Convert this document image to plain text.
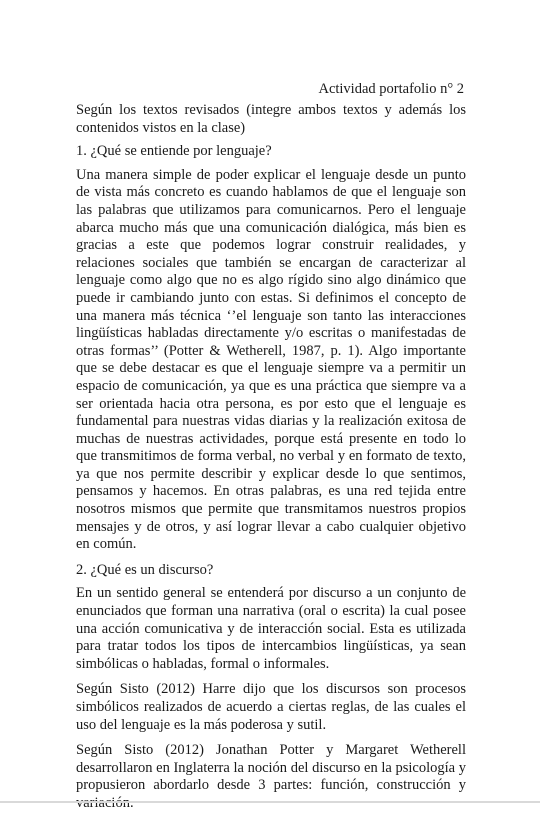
Actividad portafolio n° 2

Según los textos revisados (integre ambos textos y además los contenidos vistos en la clase)

1. ¿Qué se entiende por lenguaje?

Una manera simple de poder explicar el lenguaje desde un punto de vista más concreto es cuando hablamos de que el lenguaje son las palabras que utilizamos para comunicarnos. Pero el lenguaje abarca mucho más que una comunicación dialógica, más bien es gracias a este que podemos lograr construir realidades, y relaciones sociales que también se encargan de caracterizar al lenguaje como algo que no es algo rígido sino algo dinámico que puede ir cambiando junto con estas. Si definimos el concepto de una manera más técnica ‘’el lenguaje son tanto las interacciones lingüísticas habladas directamente y/o escritas o manifestadas de otras formas’’ (Potter & Wetherell, 1987, p. 1). Algo importante que se debe destacar es que el lenguaje siempre va a permitir un espacio de comunicación, ya que es una práctica que siempre va a ser orientada hacia otra persona, es por esto que el lenguaje es fundamental para nuestras vidas diarias y la realización exitosa de muchas de nuestras actividades, porque está presente en todo lo que transmitimos de forma verbal, no verbal y en formato de texto, ya que nos permite describir y explicar desde lo que sentimos, pensamos y hacemos. En otras palabras, es una red tejida entre nosotros mismos que permite que transmitamos nuestros propios mensajes y de otros, y así lograr llevar a cabo cualquier objetivo en común.

2. ¿Qué es un discurso?

En un sentido general se entenderá por discurso a un conjunto de enunciados que forman una narrativa (oral o escrita) la cual posee una acción comunicativa y de interacción social. Esta es utilizada para tratar todos los tipos de intercambios lingüísticas, ya sean simbólicas o habladas, formal o informales.

Según Sisto (2012) Harre dijo que los discursos son procesos simbólicos realizados de acuerdo a ciertas reglas, de las cuales el uso del lenguaje es la más poderosa y sutil.

Según Sisto (2012) Jonathan Potter y Margaret Wetherell desarrollaron en Inglaterra la noción del discurso en la psicología y propusieron abordarlo desde 3 partes: función, construcción y
